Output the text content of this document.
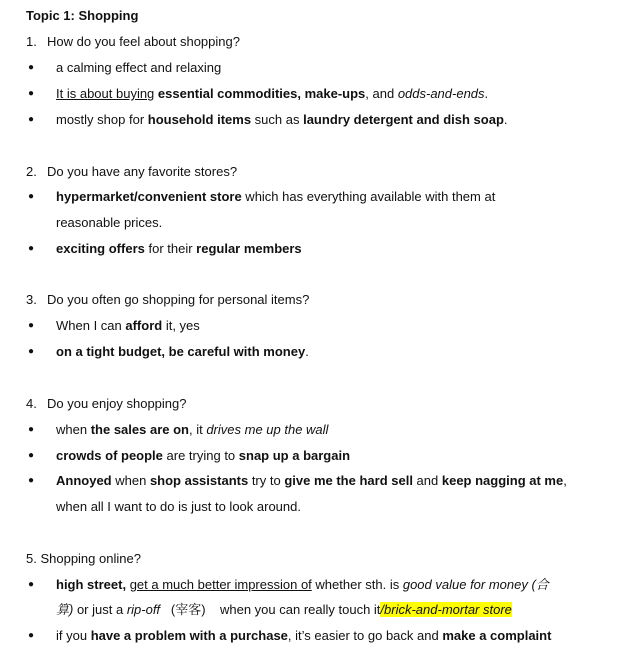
Topic 1: Shopping
1. How do you feel about shopping?
● a calming effect and relaxing
● It is about buying essential commodities, make-ups, and odds-and-ends.
● mostly shop for household items such as laundry detergent and dish soap.
2. Do you have any favorite stores?
● hypermarket/convenient store which has everything available with them at
reasonable prices.
● exciting offers for their regular members
3. Do you often go shopping for personal items?
● When I can afford it, yes
● on a tight budget, be careful with money.
4. Do you enjoy shopping?
● when the sales are on, it drives me up the wall
● crowds of people are trying to snap up a bargain
● Annoyed when shop assistants try to give me the hard sell and keep nagging at me,
when all I want to do is just to look around.
5. Shopping online?
● high street, get a much better impression of whether sth. is good value for money (合
算) or just a rip-off   (宰客)    when you can really touch it/brick-and-mortar store
● if you have a problem with a purchase, it’s easier to go back and make a complaint
